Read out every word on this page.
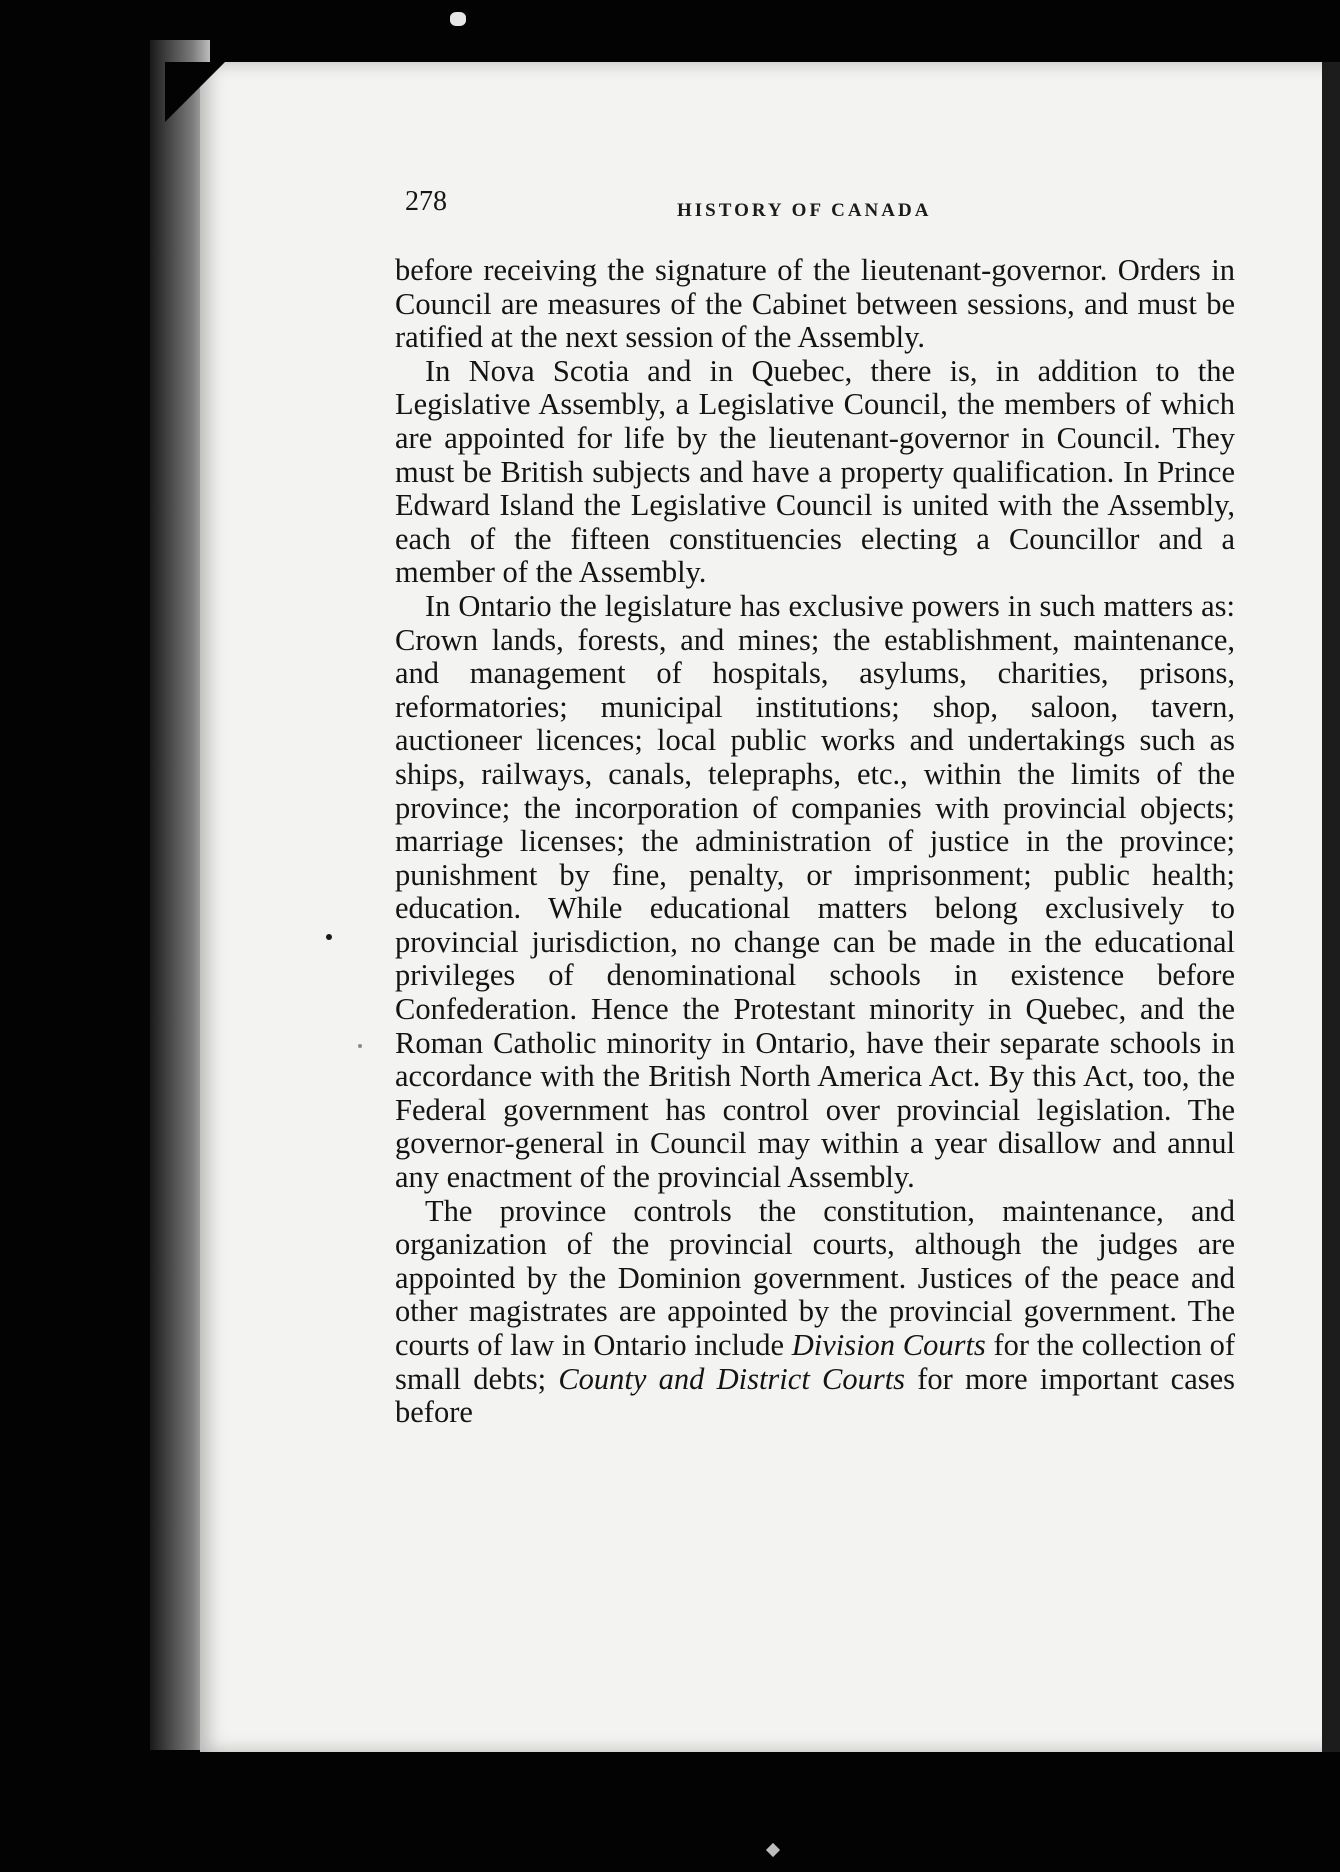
278	HISTORY OF CANADA

before receiving the signature of the lieutenant-governor. Orders in Council are measures of the Cabinet between sessions, and must be ratified at the next session of the Assembly.

In Nova Scotia and in Quebec, there is, in addition to the Legislative Assembly, a Legislative Council, the members of which are appointed for life by the lieutenant-governor in Council. They must be British subjects and have a property qualification. In Prince Edward Island the Legislative Council is united with the Assembly, each of the fifteen constituencies electing a Councillor and a member of the Assembly.

In Ontario the legislature has exclusive powers in such matters as: Crown lands, forests, and mines; the establishment, maintenance, and management of hospitals, asylums, charities, prisons, reformatories; municipal institutions; shop, saloon, tavern, auctioneer licences; local public works and undertakings such as ships, railways, canals, telepraphs, etc., within the limits of the province; the incorporation of companies with provincial objects; marriage licenses; the administration of justice in the province; punishment by fine, penalty, or imprisonment; public health; education. While educational matters belong exclusively to provincial jurisdiction, no change can be made in the educational privileges of denominational schools in existence before Confederation. Hence the Protestant minority in Quebec, and the Roman Catholic minority in Ontario, have their separate schools in accordance with the British North America Act. By this Act, too, the Federal government has control over provincial legislation. The governor-general in Council may within a year disallow and annul any enactment of the provincial Assembly.

The province controls the constitution, maintenance, and organization of the provincial courts, although the judges are appointed by the Dominion government. Justices of the peace and other magistrates are appointed by the provincial government. The courts of law in Ontario include Division Courts for the collection of small debts; County and District Courts for more important cases before
